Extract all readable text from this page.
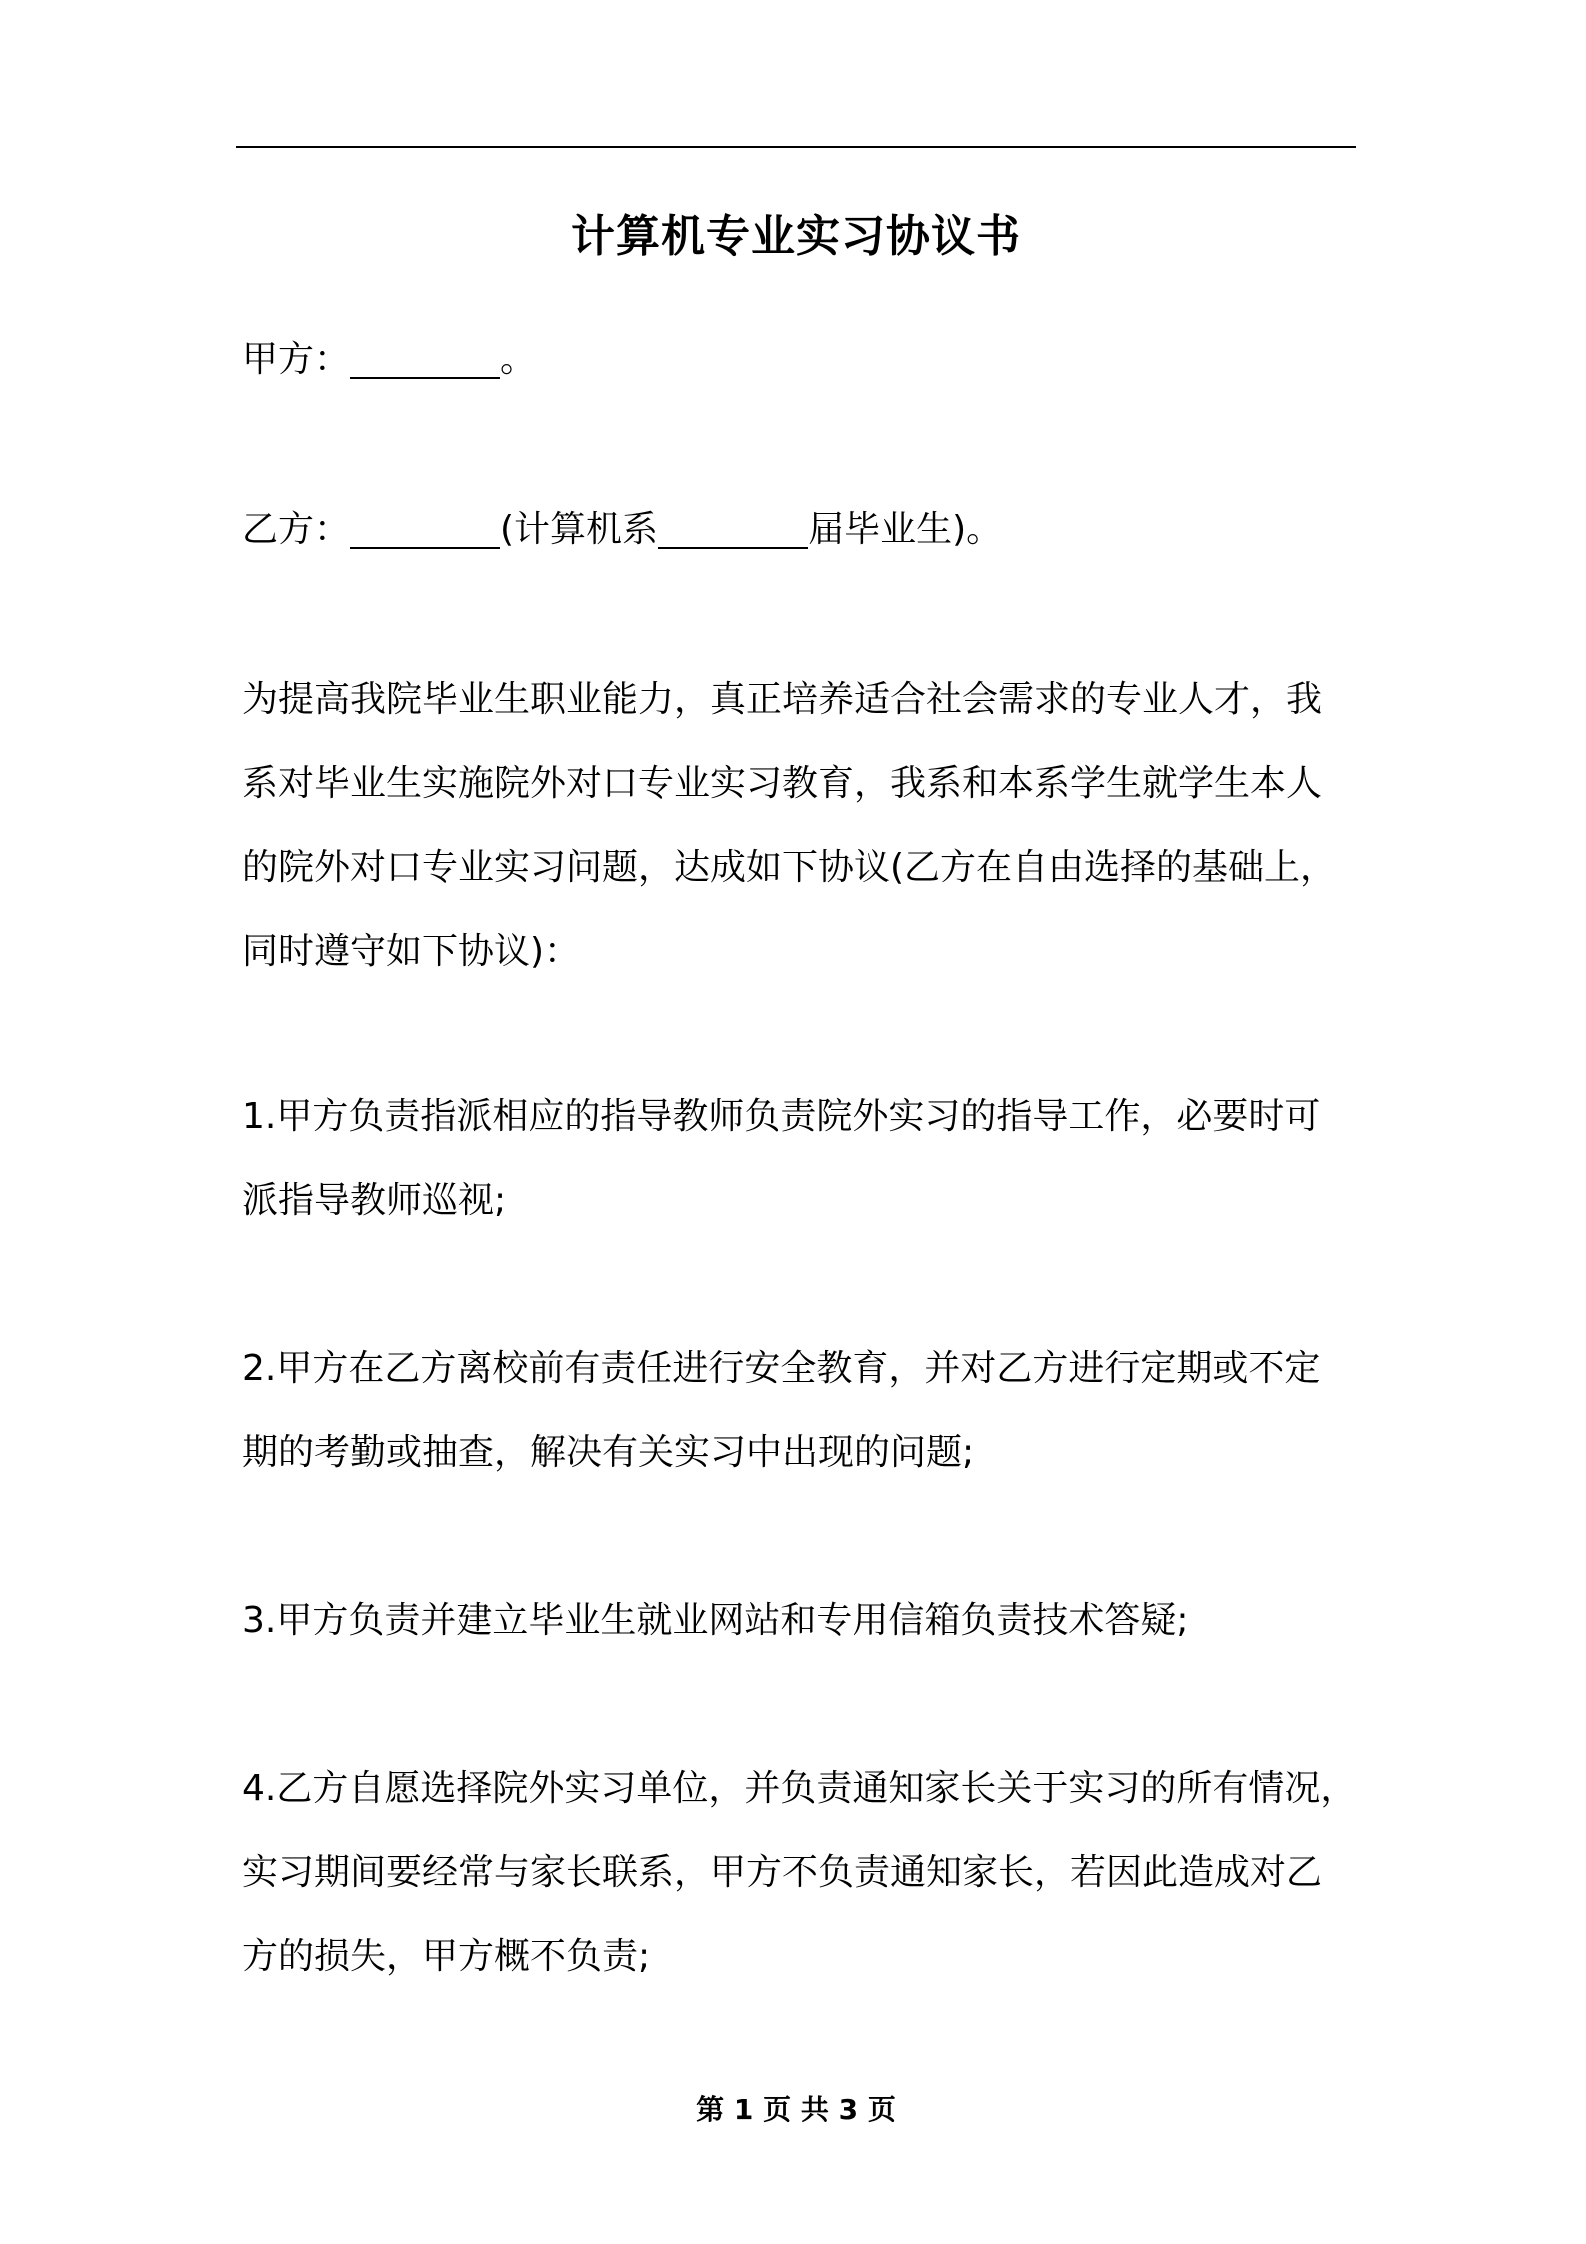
计算机专业实习协议书

甲方：	。

乙方：	(计算机系	届毕业生)。

为提高我院毕业生职业能力，真正培养适合社会需求的专业人才，我
系对毕业生实施院外对口专业实习教育，我系和本系学生就学生本人
的院外对口专业实习问题，达成如下协议(乙方在自由选择的基础上，
同时遵守如下协议)：
1.甲方负责指派相应的指导教师负责院外实习的指导工作，必要时可
派指导教师巡视;
2.甲方在乙方离校前有责任进行安全教育，并对乙方进行定期或不定
期的考勤或抽查，解决有关实习中出现的问题;
3.甲方负责并建立毕业生就业网站和专用信箱负责技术答疑;
4.乙方自愿选择院外实习单位，并负责通知家长关于实习的所有情况，
实习期间要经常与家长联系，甲方不负责通知家长，若因此造成对乙
方的损失，甲方概不负责;

第 1 页 共 3 页
